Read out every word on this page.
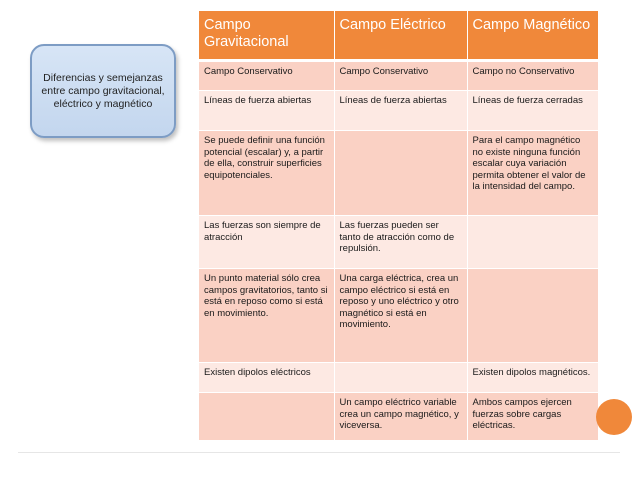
Diferencias y semejanzas entre campo gravitacional, eléctrico y magnético
Campo Gravitacional	Campo Eléctrico	Campo Magnético
Campo Conservativo	Campo Conservativo	Campo no Conservativo
Líneas de fuerza abiertas	Líneas de fuerza abiertas	Líneas de fuerza cerradas
Se puede definir una función potencial (escalar) y, a partir de ella, construir superficies equipotenciales.		Para el campo magnético no existe ninguna función escalar cuya variación permita obtener el valor de la intensidad del campo.
Las fuerzas son siempre de atracción	Las fuerzas pueden ser tanto de atracción como de repulsión.	
Un punto material sólo crea campos gravitatorios, tanto si está en reposo como si está en movimiento.	Una carga eléctrica, crea un campo eléctrico si está en reposo y uno eléctrico y otro magnético si está en movimiento.	
Existen dipolos eléctricos		Existen dipolos magnéticos.
	Un campo eléctrico variable crea un campo magnético, y viceversa.	Ambos campos ejercen fuerzas sobre cargas eléctricas.
